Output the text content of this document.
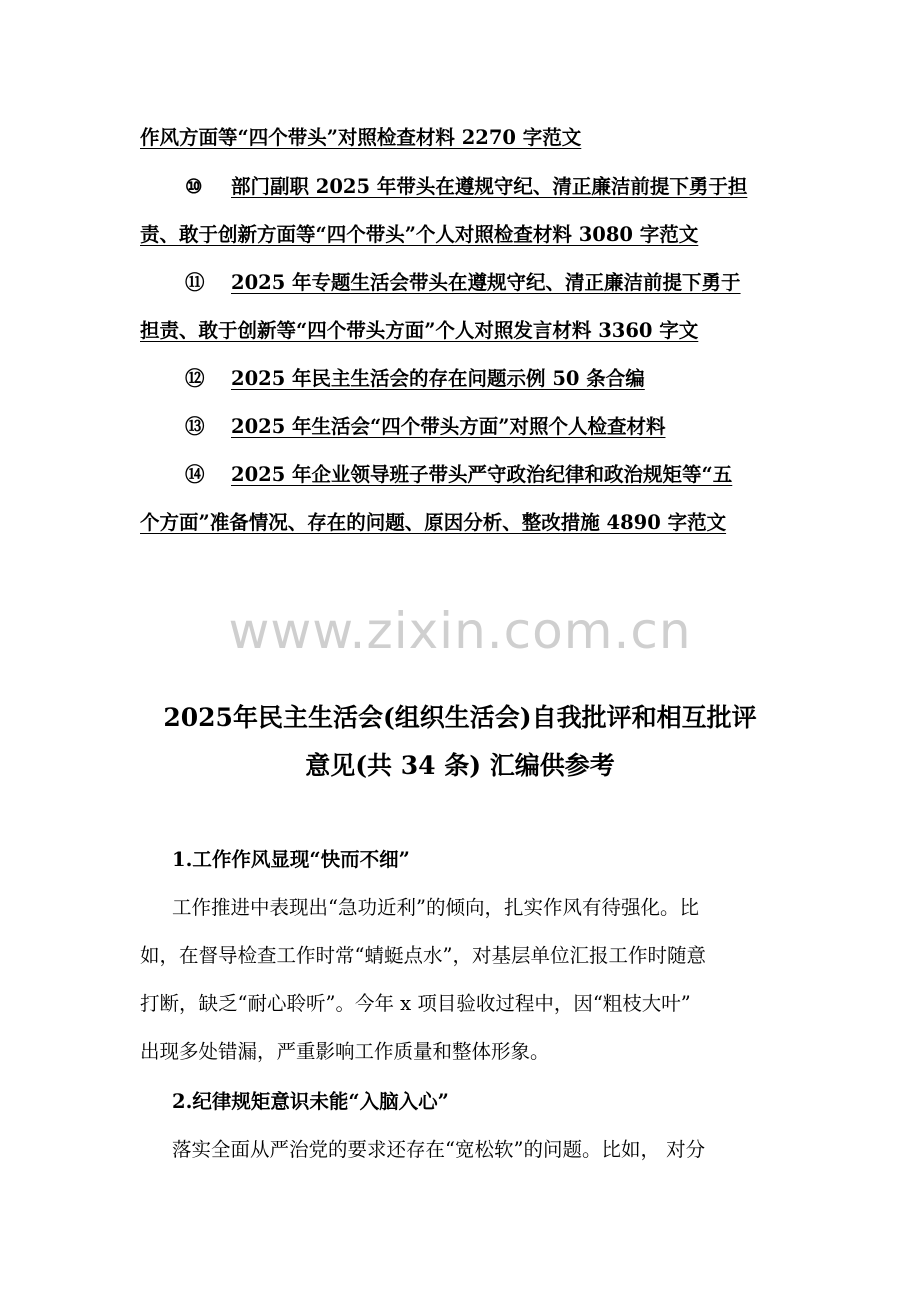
作风方面等“四个带头”对照检查材料 2270 字范文
⑩ 部门副职 2025 年带头在遵规守纪、清正廉洁前提下勇于担
责、敢于创新方面等“四个带头”个人对照检查材料 3080 字范文
⑪ 2025 年专题生活会带头在遵规守纪、清正廉洁前提下勇于
担责、敢于创新等“四个带头方面”个人对照发言材料 3360 字文
⑫ 2025 年民主生活会的存在问题示例 50 条合编
⑬ 2025 年生活会“四个带头方面”对照个人检查材料
⑭ 2025 年企业领导班子带头严守政治纪律和政治规矩等“五
个方面”准备情况、存在的问题、原因分析、整改措施 4890 字范文
www.zixin.com.cn
2025年民主生活会(组织生活会)自我批评和相互批评
意见(共 34 条) 汇编供参考
1.工作作风显现“快而不细”
工作推进中表现出“急功近利”的倾向，扎实作风有待强化。比
如，在督导检查工作时常“蜻蜓点水”，对基层单位汇报工作时随意
打断，缺乏“耐心聆听”。今年 x 项目验收过程中，因“粗枝大叶”
出现多处错漏，严重影响工作质量和整体形象。
2.纪律规矩意识未能“入脑入心”
落实全面从严治党的要求还存在“宽松软”的问题。比如， 对分
